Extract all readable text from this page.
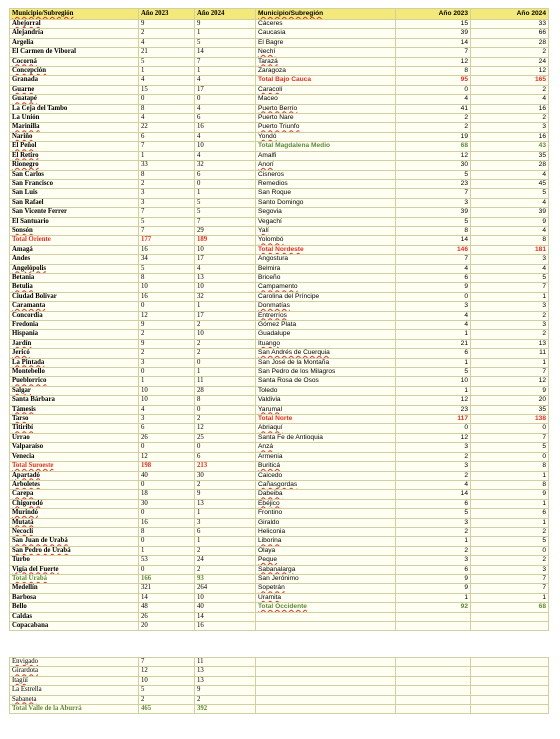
Municipio/Subregión	Año 2023	Año 2024
Abejorral	9	9
Alejandría	2	1
Argelia	4	5
El Carmen de Viboral	21	14
Cocorná	5	7
Concepción	1	1
Granada	4	4
Guarne	15	17
Guatapé	0	0
La Ceja del Tambo	8	4
La Unión	4	6
Marinilla	22	16
Nariño	6	4
El Peñol	7	10
El Retiro	1	4
Rionegro	33	32
San Carlos	8	6
San Francisco	2	0
San Luis	3	1
San Rafael	3	5
San Vicente Ferrer	7	5
El Santuario	5	7
Sonsón	7	29
Total Oriente	177	189
Amagá	16	10
Andes	34	17
Angelópolis	5	4
Betania	8	13
Betulia	10	10
Ciudad Bolívar	16	32
Caramanta	0	1
Concordia	12	17
Fredonia	9	2
Hispania	2	10
Jardín	9	2
Jericó	2	2
La Pintada	3	0
Montebello	0	1
Pueblorrico	1	11
Salgar	10	28
Santa Bárbara	10	8
Támesis	4	0
Tarso	3	2
Titiribí	6	12
Urrao	26	25
Valparaíso	0	0
Venecia	12	6
Total Suroeste	198	213
Apartadó	40	30
Arboletes	0	2
Carepa	18	9
Chigorodó	30	13
Murindó	0	1
Mutatá	16	3
Necoclí	8	6
San Juan de Urabá	0	1
San Pedro de Urabá	1	2
Turbo	53	24
Vigía del Fuerte	0	2
Total Urabá	166	93
Medellín	321	264
Barbosa	14	10
Bello	48	40
Caldas	26	14
Copacabana	20	16
Municipio/Subregión	Año 2023	Año 2024
Cáceres	15	33
Caucasia	39	66
El Bagre	14	28
Nechí	7	2
Tarazá	12	24
Zaragoza	8	12
Total Bajo Cauca	95	165
Caracolí	0	2
Maceo	4	4
Puerto Berrío	41	16
Puerto Nare	2	2
Puerto Triunfo	2	3
Yondó	19	16
Total Magdalena Medio	68	43
Amalfi	12	35
Anorí	30	28
Cisneros	5	4
Remedios	23	45
San Roque	7	5
Santo Domingo	3	4
Segovia	39	39
Vegachí	5	9
Yalí	8	4
Yolombó	14	8
Total Nordeste	146	181
Angostura	7	3
Belmira	4	4
Briceño	6	5
Campamento	9	7
Carolina del Príncipe	0	1
Donmatías	3	3
Entrerríos	4	2
Gómez Plata	4	3
Guadalupe	1	2
Ituango	21	13
San Andrés de Cuerquia	6	11
San José de la Montaña	1	1
San Pedro de los Milagros	5	7
Santa Rosa de Osos	10	12
Toledo	1	9
Valdivia	12	20
Yarumal	23	35
Total Norte	117	138
Abriaquí	0	0
Santa Fe de Antioquia	12	7
Anzá	3	5
Armenia	2	0
Buriticá	3	8
Caicedo	2	1
Cañasgordas	4	8
Dabeiba	14	9
Ebéjico	6	1
Frontino	5	6
Giraldo	3	1
Heliconia	2	2
Liborina	1	5
Olaya	2	0
Peque	3	2
Sabanalarga	6	3
San Jerónimo	9	7
Sopetrán	9	7
Uramita	1	1
Total Occidente	92	68

Envigado	7	11			
Girardota	12	13			
Itagüí	10	13			
La Estrella	5	9			
Sabaneta	2	2			
Total Valle de la Aburrá	465	392			
